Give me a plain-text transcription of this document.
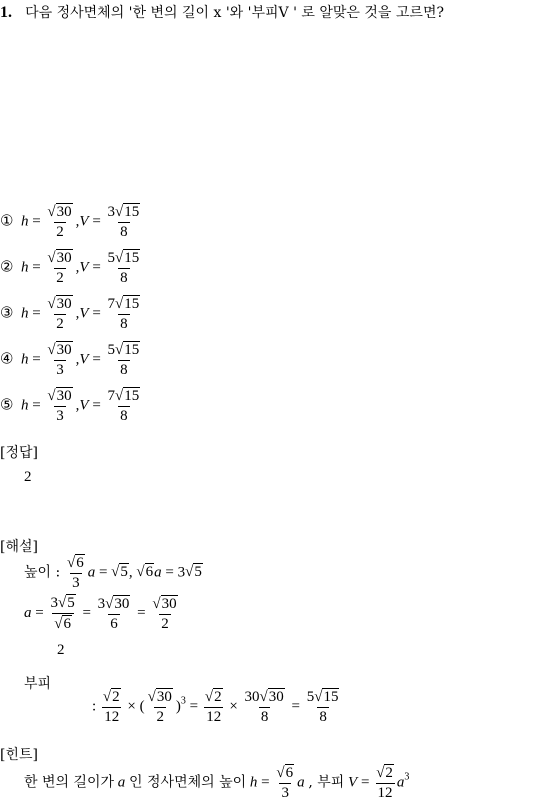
1. 다음 정사면체의 '한 변의 길이 x '와 '부피V ' 로 알맞은 것을 고르면?
① $h = \frac{√30}{2} ,V = \frac{3√15}{8}$
② $h = \frac{√30}{2} ,V = \frac{5√15}{8}$
③ $h = \frac{√30}{2} ,V = \frac{7√15}{8}$
④ $h = \frac{√30}{3} ,V = \frac{5√15}{8}$
⑤ $h = \frac{√30}{3} ,V = \frac{7√15}{8}$
[정답]
2
[해설]
높이 : $\frac{√6}{3}$ a = √5, √6a = 3√5
$a = \frac{3√5}{√6} = \frac{3√30}{6} = \frac{√30}{2}$
2
부피
: $\frac{√2}{12}$ × ( $\frac{√30}{2} )^3 = \frac{√2}{12} \times \frac{30√30}{8} = \frac{5√15}{8}$
[힌트]
한 변의 길이가 a 인 정사면체의 높이 $h = \frac{√6}{3}$ a , 부피 $V = \frac{√2}{12} a^3$
